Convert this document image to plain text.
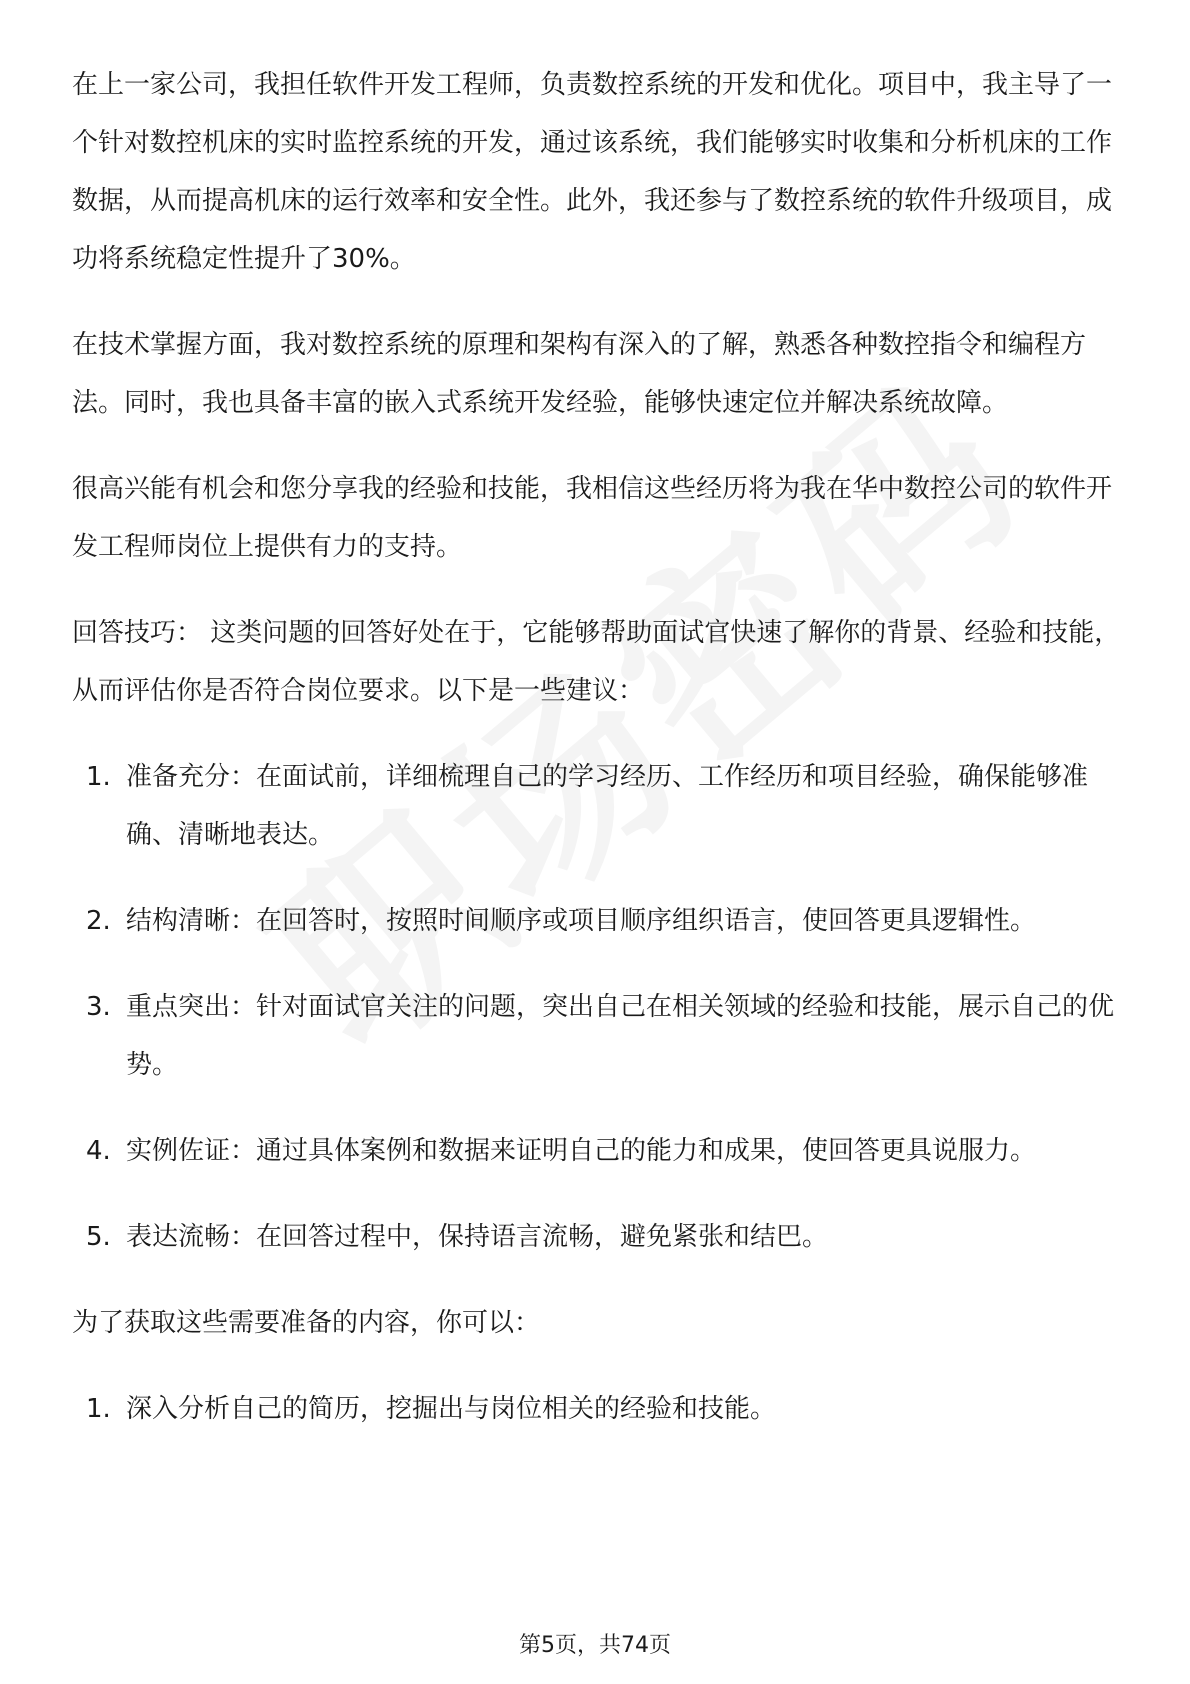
在上一家公司，我担任软件开发工程师，负责数控系统的开发和优化。项目中，我主导了一个针对数控机床的实时监控系统的开发，通过该系统，我们能够实时收集和分析机床的工作数据，从而提高机床的运行效率和安全性。此外，我还参与了数控系统的软件升级项目，成功将系统稳定性提升了30%。

在技术掌握方面，我对数控系统的原理和架构有深入的了解，熟悉各种数控指令和编程方法。同时，我也具备丰富的嵌入式系统开发经验，能够快速定位并解决系统故障。

很高兴能有机会和您分享我的经验和技能，我相信这些经历将为我在华中数控公司的软件开发工程师岗位上提供有力的支持。

回答技巧： 这类问题的回答好处在于，它能够帮助面试官快速了解你的背景、经验和技能，从而评估你是否符合岗位要求。以下是一些建议：

1. 准备充分：在面试前，详细梳理自己的学习经历、工作经历和项目经验，确保能够准确、清晰地表达。
2. 结构清晰：在回答时，按照时间顺序或项目顺序组织语言，使回答更具逻辑性。
3. 重点突出：针对面试官关注的问题，突出自己在相关领域的经验和技能，展示自己的优势。
4. 实例佐证：通过具体案例和数据来证明自己的能力和成果，使回答更具说服力。
5. 表达流畅：在回答过程中，保持语言流畅，避免紧张和结巴。

为了获取这些需要准备的内容，你可以：

1. 深入分析自己的简历，挖掘出与岗位相关的经验和技能。
第5页，共74页
